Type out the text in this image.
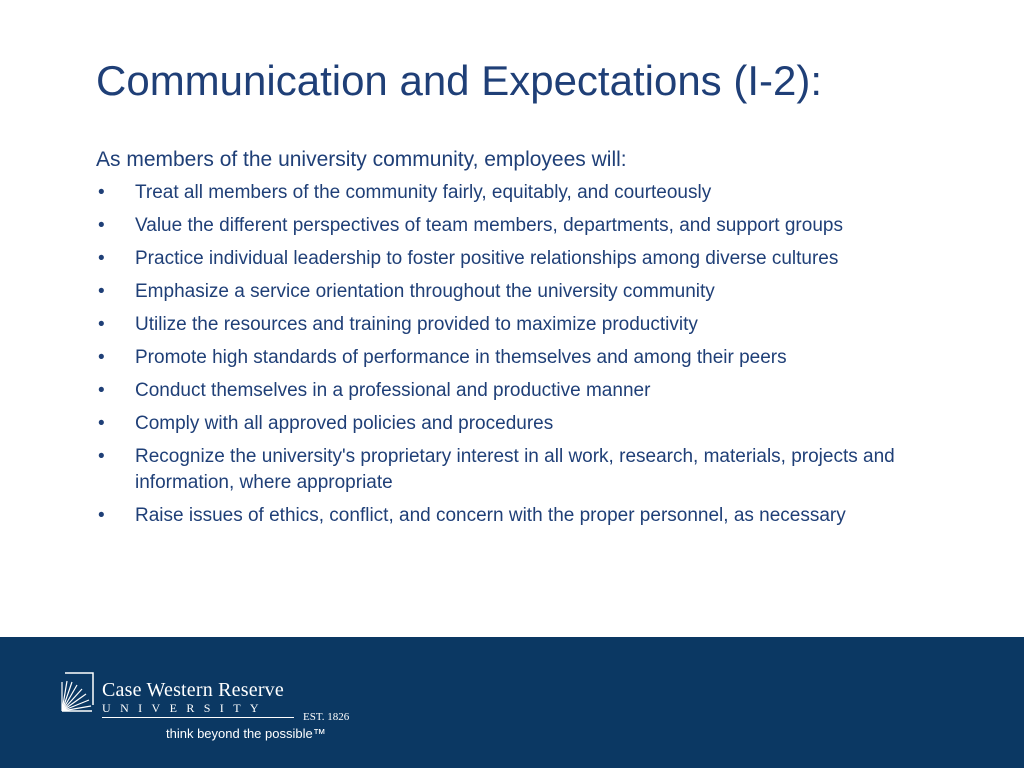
Communication and Expectations (I-2):

As members of the university community, employees will:

•	Treat all members of the community fairly, equitably, and courteously
•	Value the different perspectives of team members, departments, and support groups
•	Practice individual leadership to foster positive relationships among diverse cultures
•	Emphasize a service orientation throughout the university community
•	Utilize the resources and training provided to maximize productivity
•	Promote high standards of performance in themselves and among their peers
•	Conduct themselves in a professional and productive manner
•	Comply with all approved policies and procedures
•	Recognize the university's proprietary interest in all work, research, materials, projects and information, where appropriate
•	Raise issues of ethics, conflict, and concern with the proper personnel, as necessary
Case Western Reserve
UNIVERSITY
EST. 1826
think beyond the possible™
